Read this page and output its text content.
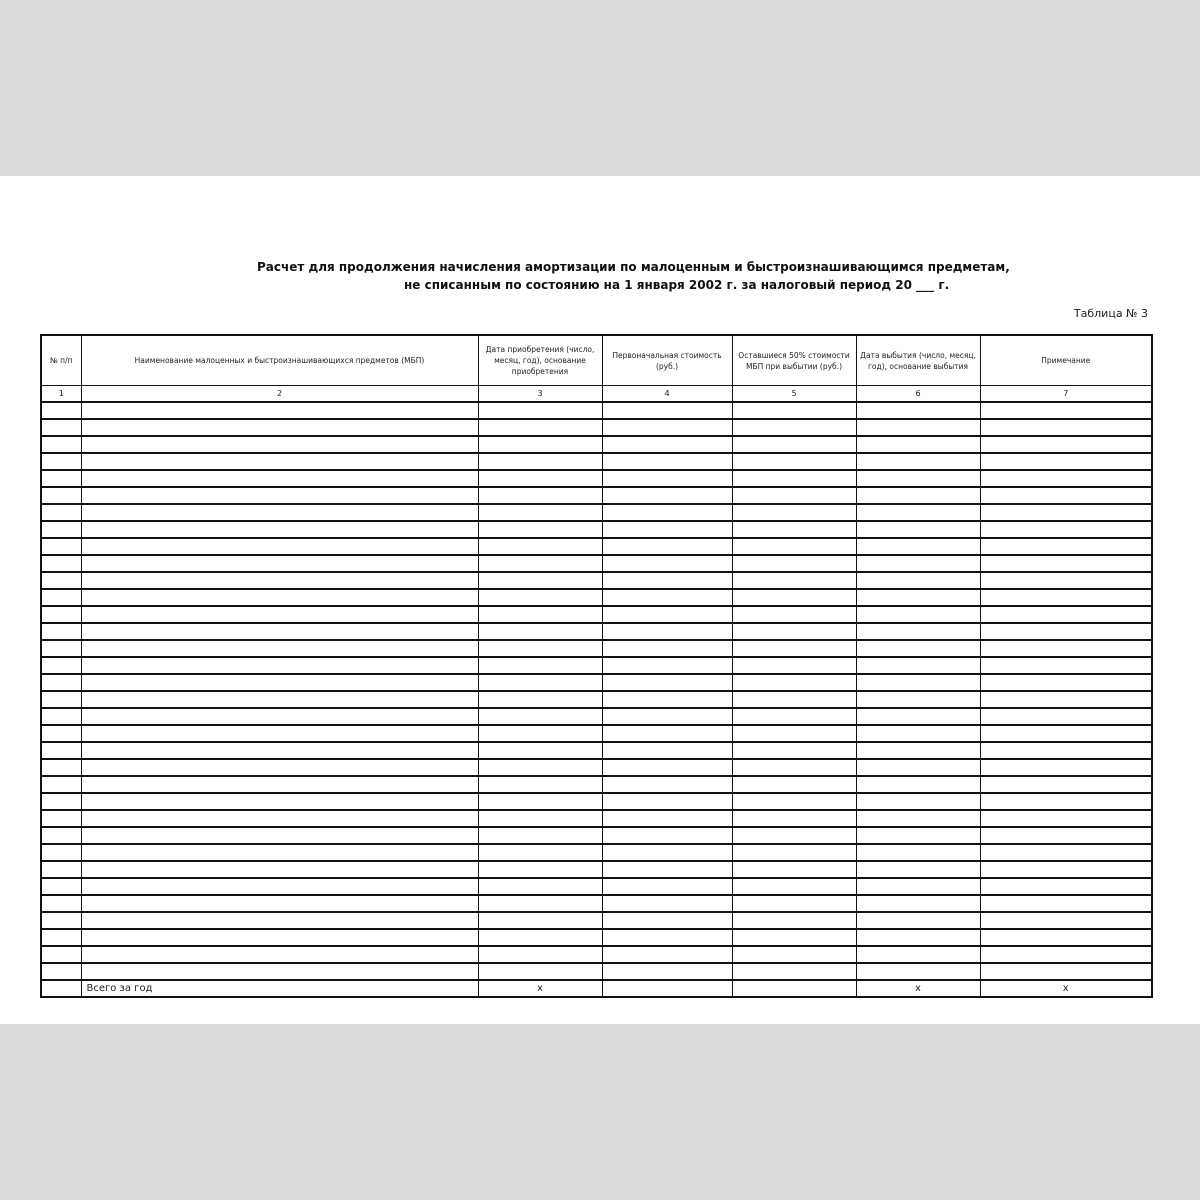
Расчет для продолжения начисления амортизации по малоценным и быстроизнашивающимся предметам,
не списанным по состоянию на 1 января 2002 г. за налоговый период 20 ___ г.
Таблица № 3
№ п/п	Наименование малоценных и быстроизнашивающихся предметов (МБП)	Дата приобретения (число, месяц, год), основание приобретения	Первоначальная стоимость (руб.)	Оставшиеся 50% стоимости МБП при выбытии (руб.)	Дата выбытия (число, месяц, год), основание выбытия	Примечание
1	2	3	4	5	6	7

	Всего за год	x			x	x
